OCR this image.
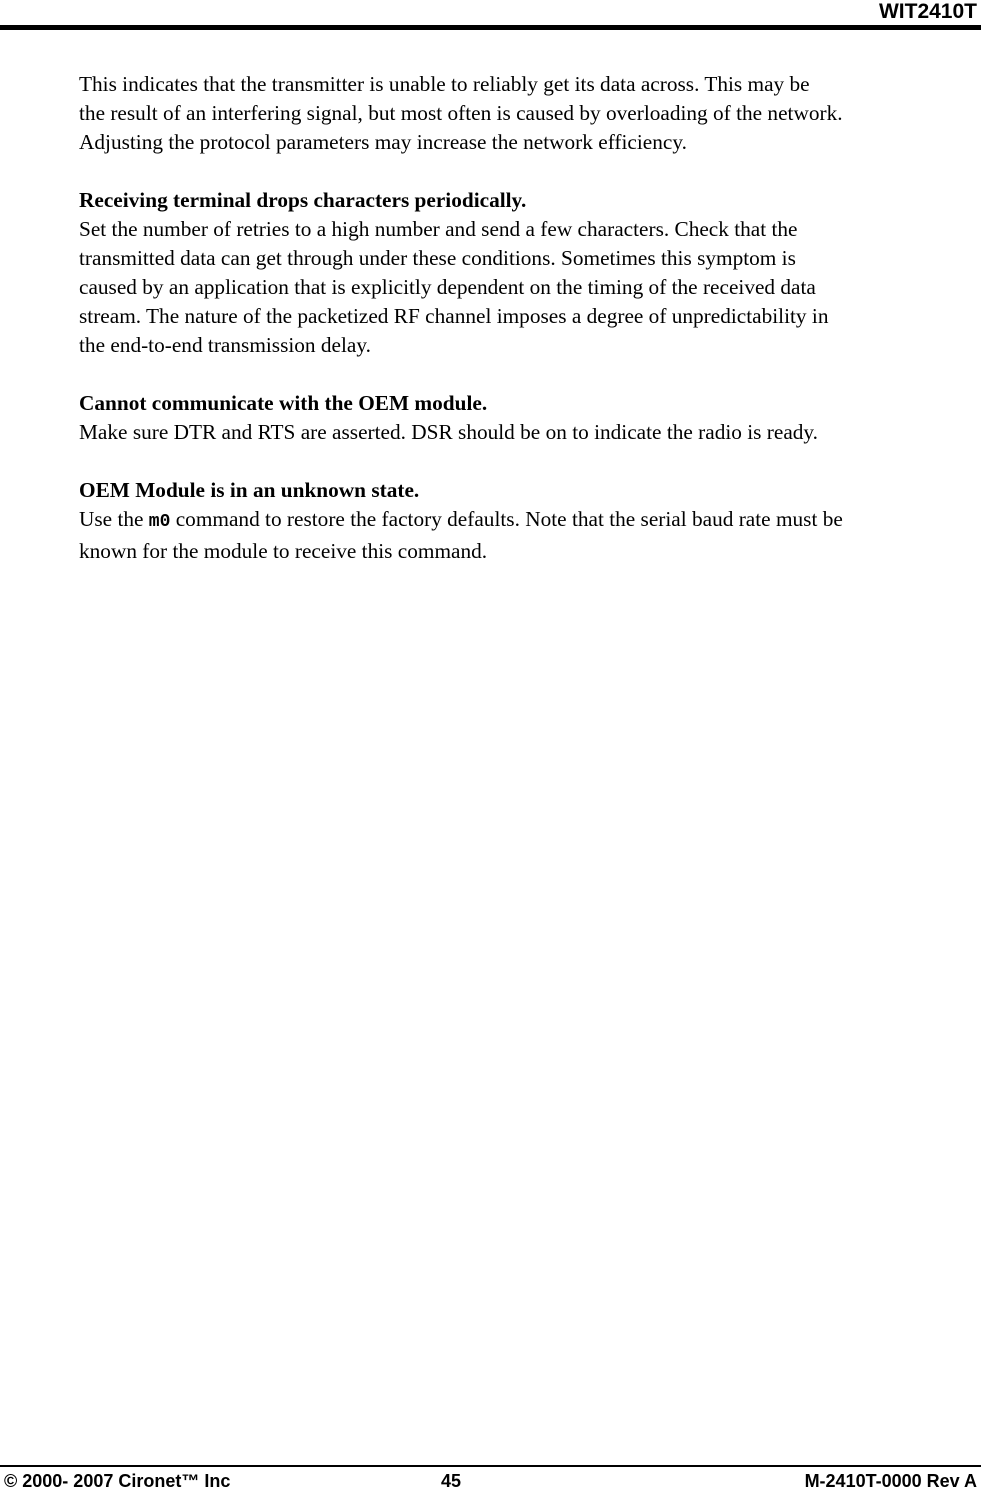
WIT2410T

This indicates that the transmitter is unable to reliably get its data across. This may be
the result of an interfering signal, but most often is caused by overloading of the network.
Adjusting the protocol parameters may increase the network efficiency.

Receiving terminal drops characters periodically.

Set the number of retries to a high number and send a few characters. Check that the
transmitted data can get through under these conditions. Sometimes this symptom is
caused by an application that is explicitly dependent on the timing of the received data
stream. The nature of the packetized RF channel imposes a degree of unpredictability in
the end-to-end transmission delay.

Cannot communicate with the OEM module.

Make sure DTR and RTS are asserted. DSR should be on to indicate the radio is ready.

OEM Module is in an unknown state.

Use the m0 command to restore the factory defaults. Note that the serial baud rate must be
known for the module to receive this command.

© 2000- 2007 Cironet™ Inc	45	M-2410T-0000 Rev A
